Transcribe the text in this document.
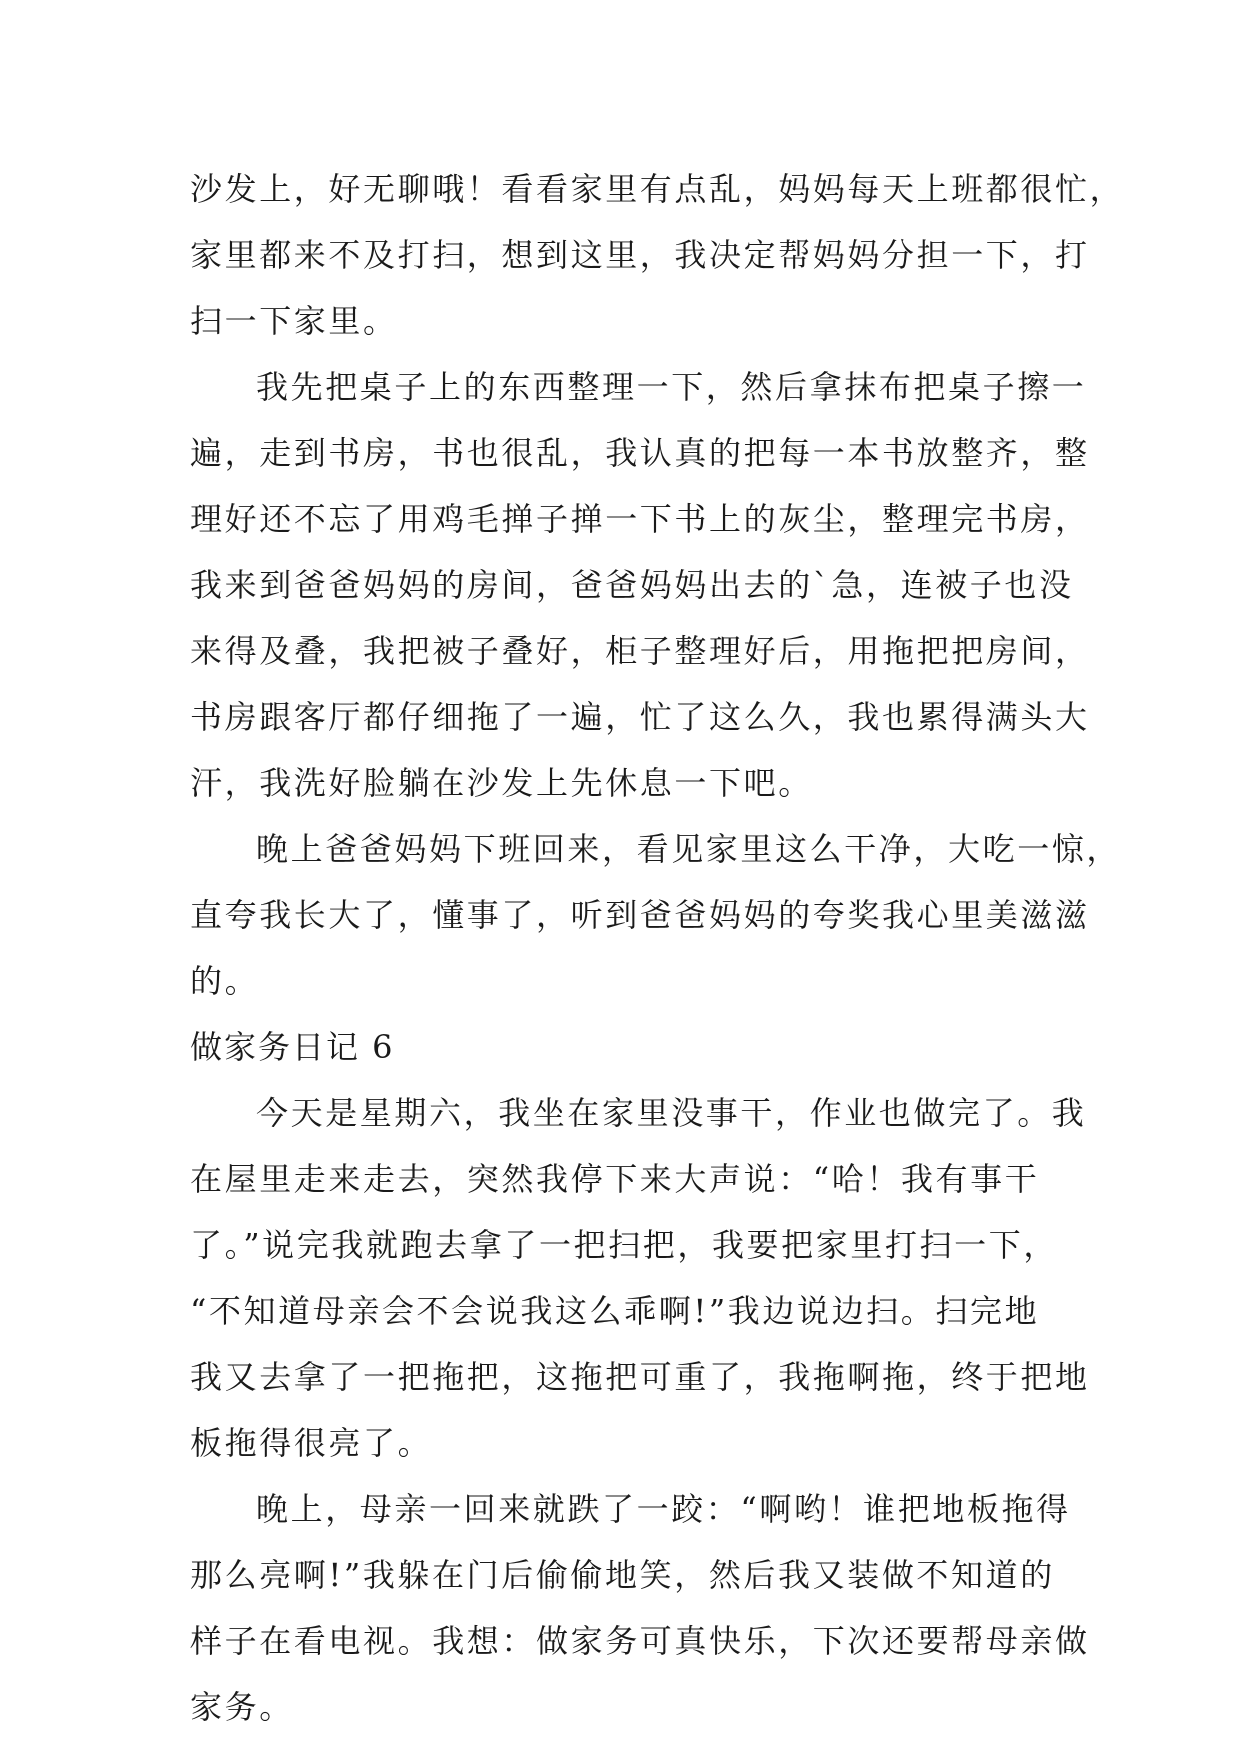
沙发上，好无聊哦！看看家里有点乱，妈妈每天上班都很忙，
家里都来不及打扫，想到这里，我决定帮妈妈分担一下，打
扫一下家里。
我先把桌子上的东西整理一下，然后拿抹布把桌子擦一
遍，走到书房，书也很乱，我认真的把每一本书放整齐，整
理好还不忘了用鸡毛掸子掸一下书上的灰尘，整理完书房，
我来到爸爸妈妈的房间，爸爸妈妈出去的`急，连被子也没
来得及叠，我把被子叠好，柜子整理好后，用拖把把房间，
书房跟客厅都仔细拖了一遍，忙了这么久，我也累得满头大
汗，我洗好脸躺在沙发上先休息一下吧。
晚上爸爸妈妈下班回来，看见家里这么干净，大吃一惊，
直夸我长大了，懂事了，听到爸爸妈妈的夸奖我心里美滋滋
的。
做家务日记 6
今天是星期六，我坐在家里没事干，作业也做完了。我
在屋里走来走去，突然我停下来大声说：“哈！我有事干
了。”说完我就跑去拿了一把扫把，我要把家里打扫一下，
“不知道母亲会不会说我这么乖啊!”我边说边扫。扫完地
我又去拿了一把拖把，这拖把可重了，我拖啊拖，终于把地
板拖得很亮了。
晚上，母亲一回来就跌了一跤：“啊哟！谁把地板拖得
那么亮啊!”我躲在门后偷偷地笑，然后我又装做不知道的
样子在看电视。我想：做家务可真快乐，下次还要帮母亲做
家务。
